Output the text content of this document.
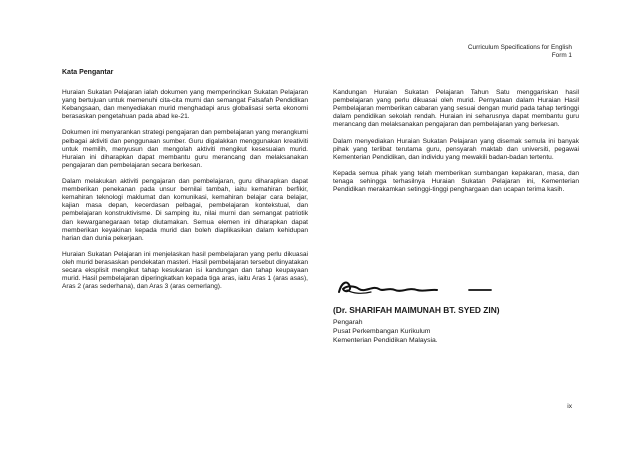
Curriculum Specifications for English
Form 1
Kata Pengantar

Huraian Sukatan Pelajaran ialah dokumen yang memperincikan Sukatan Pelajaran yang bertujuan untuk memenuhi cita-cita murni dan semangat Falsafah Pendidikan Kebangsaan, dan menyediakan murid menghadapi arus globalisasi serta ekonomi berasaskan pengetahuan pada abad ke-21.

Dokumen ini menyarankan strategi pengajaran dan pembelajaran yang merangkumi pelbagai aktiviti dan penggunaan sumber. Guru digalakkan menggunakan kreativiti untuk memilih, menyusun dan mengolah aktiviti mengikut kesesuaian murid. Huraian ini diharapkan dapat membantu guru merancang dan melaksanakan pengajaran dan pembelajaran secara berkesan.

Dalam melakukan aktiviti pengajaran dan pembelajaran, guru diharapkan dapat memberikan penekanan pada unsur bernilai tambah, iaitu kemahiran berfikir, kemahiran teknologi maklumat dan komunikasi, kemahiran belajar cara belajar, kajian masa depan, kecerdasan pelbagai, pembelajaran kontekstual, dan pembelajaran konstruktivisme. Di samping itu, nilai murni dan semangat patriotik dan kewarganegaraan tetap diutamakan. Semua elemen ini diharapkan dapat memberikan keyakinan kepada murid dan boleh diaplikasikan dalam kehidupan harian dan dunia pekerjaan.

Huraian Sukatan Pelajaran ini menjelaskan hasil pembelajaran yang perlu dikuasai oleh murid berasaskan pendekatan masteri. Hasil pembelajaran tersebut dinyatakan secara eksplisit mengikut tahap kesukaran isi kandungan dan tahap keupayaan murid. Hasil pembelajaran diperingkatkan kepada tiga aras, iaitu Aras 1 (aras asas), Aras 2 (aras sederhana), dan Aras 3 (aras cemerlang).

Kandungan Huraian Sukatan Pelajaran Tahun Satu menggariskan hasil pembelajaran yang perlu dikuasai oleh murid. Pernyataan dalam Huraian Hasil Pembelajaran memberikan cabaran yang sesuai dengan murid pada tahap tertinggi dalam pendidikan sekolah rendah. Huraian ini seharusnya dapat membantu guru merancang dan melaksanakan pengajaran dan pembelajaran yang berkesan.

Dalam menyediakan Huraian Sukatan Pelajaran yang disemak semula ini banyak pihak yang terlibat terutama guru, pensyarah maktab dan universiti, pegawai Kementerian Pendidikan, dan individu yang mewakili badan-badan tertentu.

Kepada semua pihak yang telah memberikan sumbangan kepakaran, masa, dan tenaga sehingga terhasilnya Huraian Sukatan Pelajaran ini, Kementerian Pendidikan merakamkan setinggi-tinggi penghargaan dan ucapan terima kasih.

(Dr. SHARIFAH MAIMUNAH BT. SYED ZIN)
Pengarah
Pusat Perkembangan Kurikulum
Kementerian Pendidikan Malaysia.
ix
